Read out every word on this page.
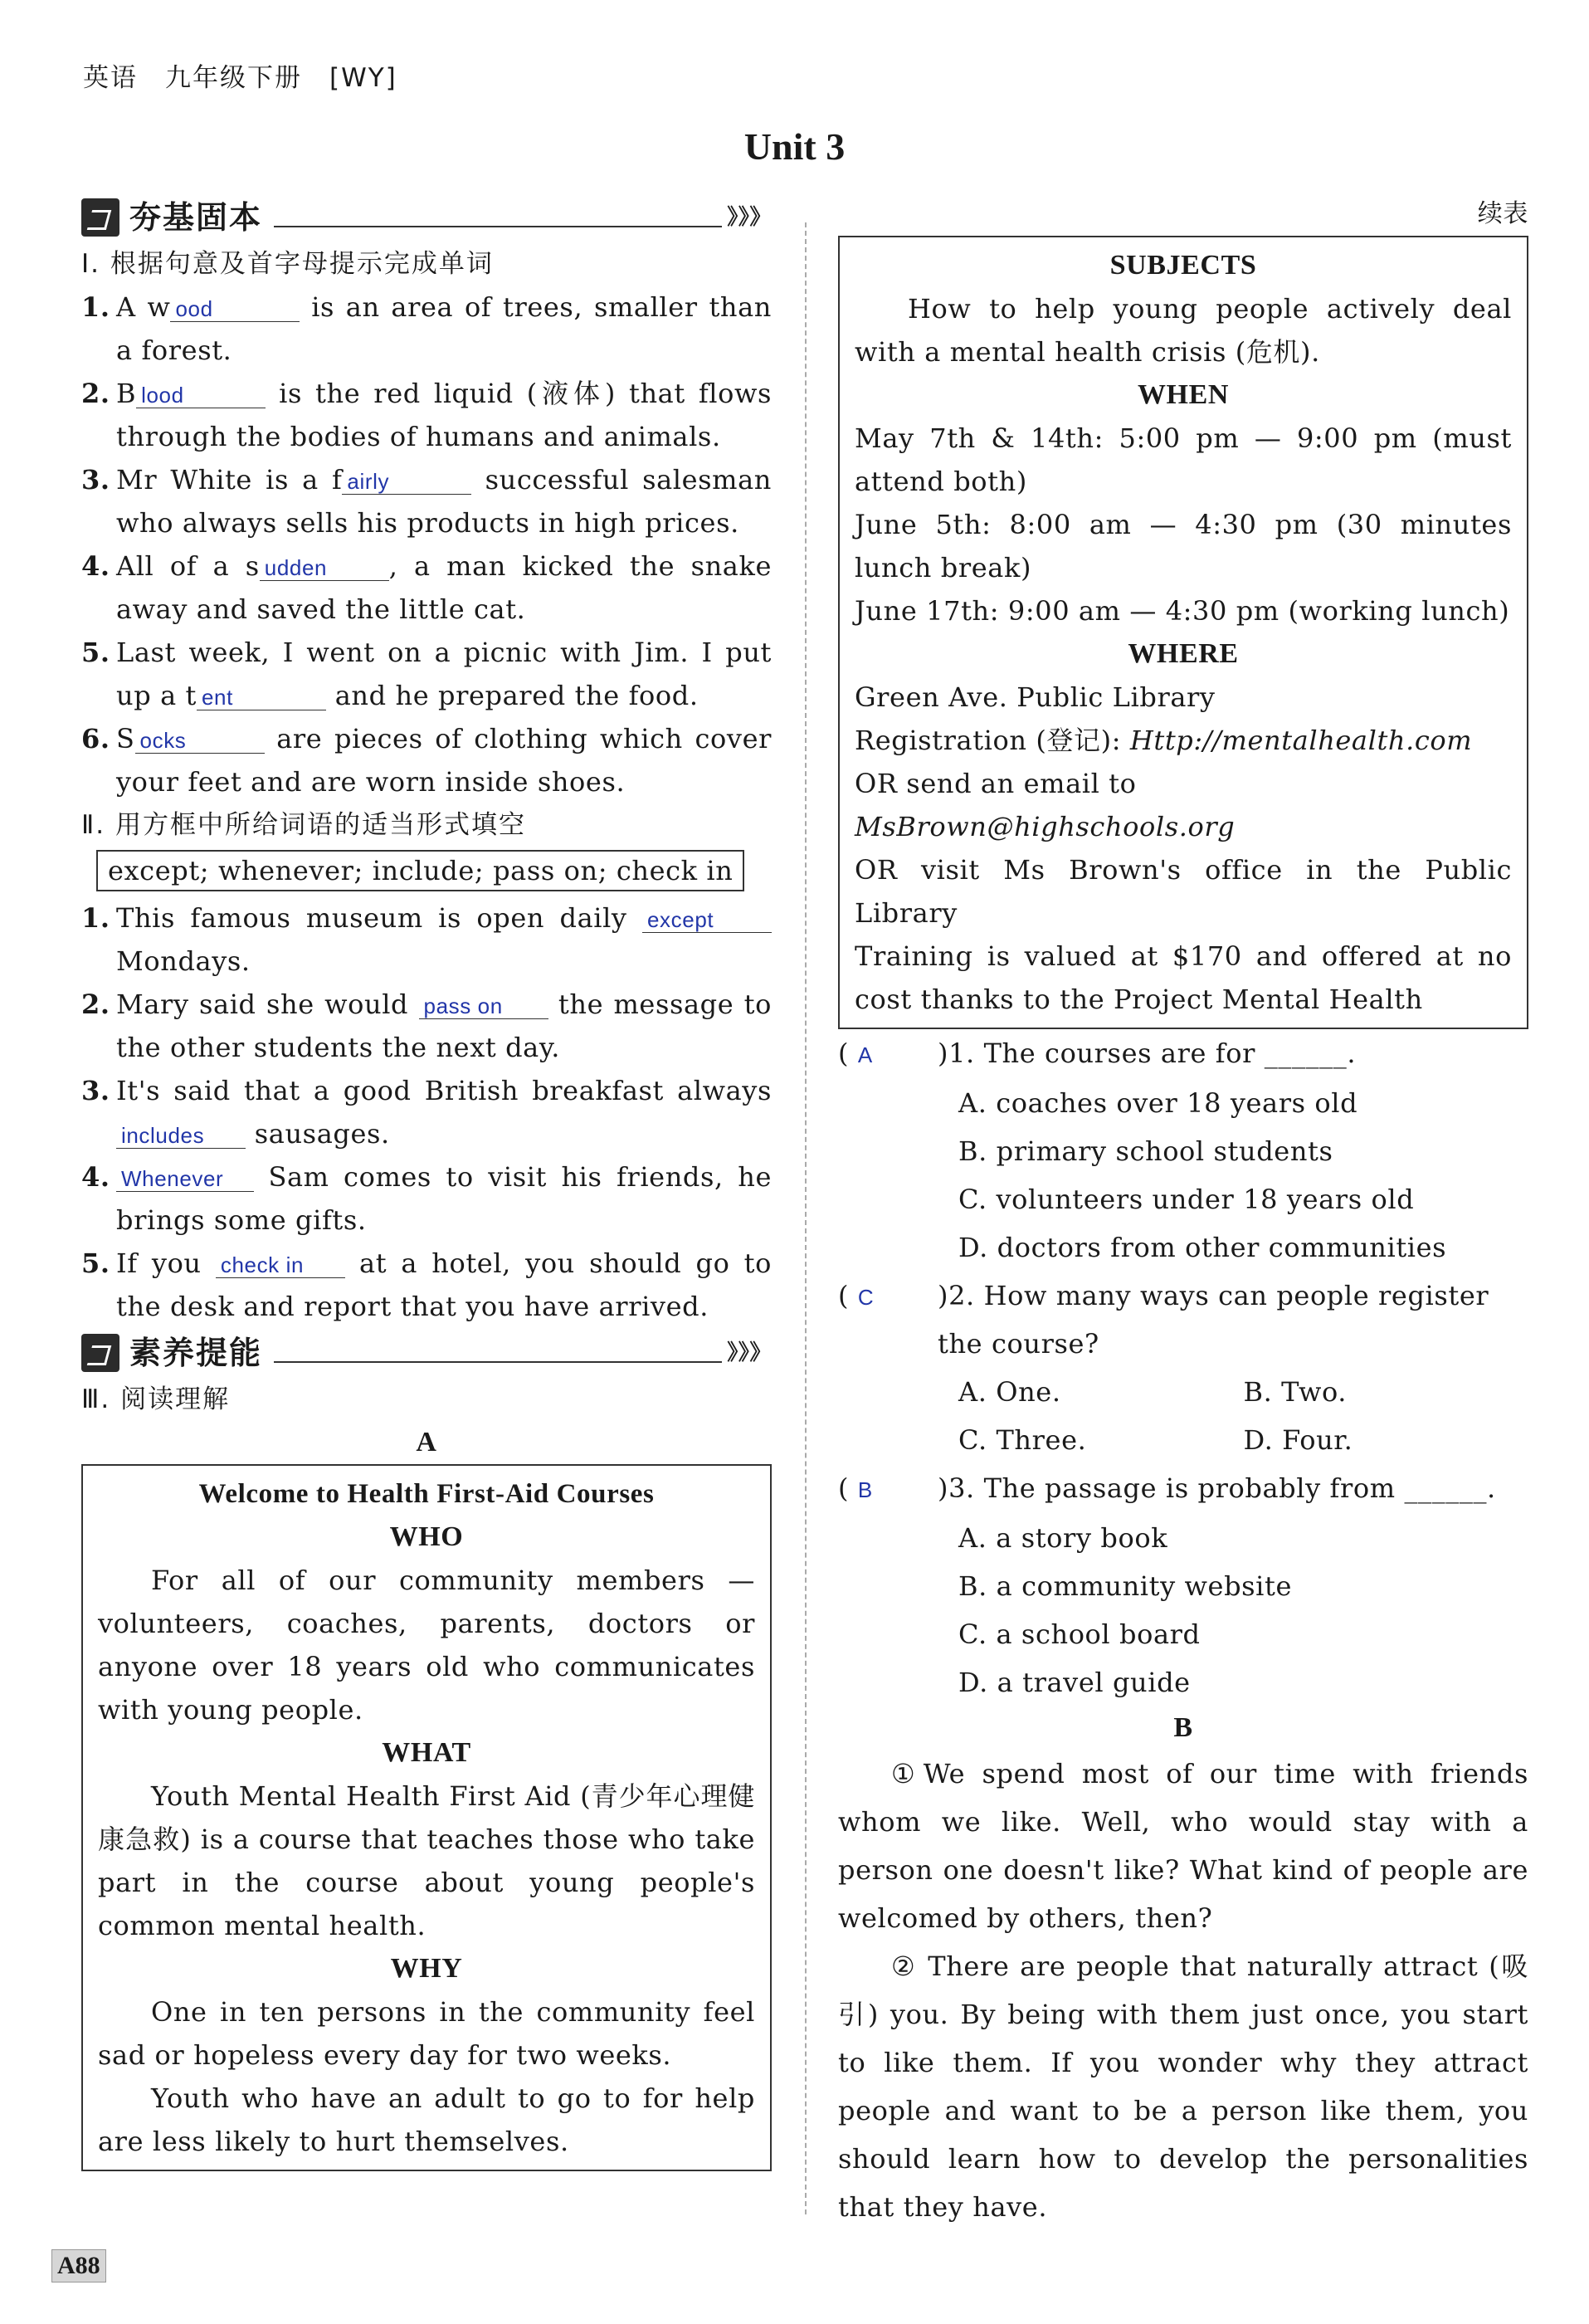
英语　九年级下册　[WY]
Unit 3
夯基固本	》》》
Ⅰ. 根据句意及首字母提示完成单词
1. A w ood	is an area of trees, smaller than a forest.
2. B lood	is the red liquid (液体) that flows through the bodies of humans and animals.
3. Mr White is a f airly	successful salesman who always sells his products in high prices.
4. All of a s udden , a man kicked the snake away and saved the little cat.
5. Last week, I went on a picnic with Jim. I put up a t ent	and he prepared the food.
6. S ocks	are pieces of clothing which cover your feet and are worn inside shoes.
Ⅱ. 用方框中所给词语的适当形式填空
except; whenever; include; pass on; check in
1. This famous museum is open daily except Mondays.
2. Mary said she would pass on the message to the other students the next day.
3. It's said that a good British breakfast always includes sausages.
4. Whenever Sam comes to visit his friends, he brings some gifts.
5. If you check in at a hotel, you should go to the desk and report that you have arrived.
素养提能	》》》
Ⅲ. 阅读理解
A
Welcome to Health First-Aid Courses
WHO
For all of our community members — volunteers, coaches, parents, doctors or anyone over 18 years old who communicates with young people.
WHAT
Youth Mental Health First Aid (青少年心理健康急救) is a course that teaches those who take part in the course about young people's common mental health.
WHY
One in ten persons in the community feel sad or hopeless every day for two weeks.
Youth who have an adult to go to for help are less likely to hurt themselves.
续表
SUBJECTS
How to help young people actively deal with a mental health crisis (危机).
WHEN
May 7th & 14th: 5:00 pm — 9:00 pm (must attend both)
June 5th: 8:00 am — 4:30 pm (30 minutes lunch break)
June 17th: 9:00 am — 4:30 pm (working lunch)
WHERE
Green Ave. Public Library
Registration (登记): Http://mentalhealth.com
OR send an email to MsBrown@highschools.org
OR visit Ms Brown's office in the Public Library
Training is valued at $170 and offered at no cost thanks to the Project Mental Health
( A	)1. The courses are for ______.
A. coaches over 18 years old
B. primary school students
C. volunteers under 18 years old
D. doctors from other communities
( C	)2. How many ways can people register the course?
A. One.	B. Two.
C. Three.	D. Four.
( B	)3. The passage is probably from ______.
A. a story book
B. a community website
C. a school board
D. a travel guide
B
①We spend most of our time with friends whom we like. Well, who would stay with a person one doesn't like? What kind of people are welcomed by others, then?
② There are people that naturally attract (吸引) you. By being with them just once, you start to like them. If you wonder why they attract people and want to be a person like them, you should learn how to develop the personalities that they have.
A88
